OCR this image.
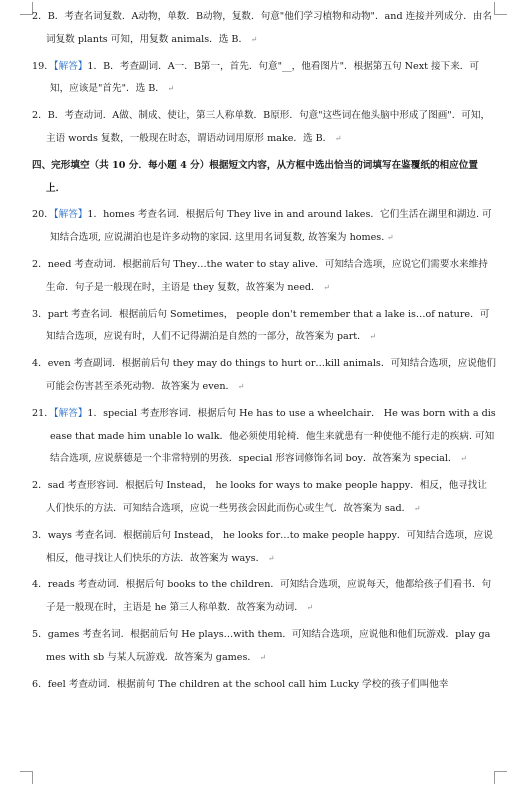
2．B．考查名词复数．A动物，单数．B动物，复数．句意"他们学习植物和动物"．and 连接并列成分．由名词复数 plants 可知，用复数 animals．选 B． ↵

19．【解答】1．B．考查副词．A一．B第一，首先．句意"__，他看图片"．根据第五句 Next 接下来．可知，应该是"首先"．选 B． ↵

2．B．考查动词．A做、制成、使让，第三人称单数．B原形．句意"这些词在他头脑中形成了图画"．可知，主语 words 复数，一般现在时态，谓语动词用原形 make．选 B． ↵

四、完形填空（共 10 分．每小题 4 分）根据短文内容，从方框中选出恰当的词填写在鉴覆纸的相应位置上．

20．【解答】1．homes 考查名词．根据后句 They live in and around lakes．它们生活在湖里和湖边. 可知结合选项, 应说湖泊也是许多动物的家园. 这里用名词复数, 故答案为 homes. ↵

2．need 考查动词．根据前后句 They…the water to stay alive．可知结合选项，应说它们需要水来维持生命．句子是一般现在时，主语是 they 复数，故答案为 need． ↵

3．part 考查名词．根据前后句 Sometimes， people don't remember that a lake is…of nature．可知结合选项，应说有时，人们不记得湖泊是自然的一部分，故答案为 part． ↵

4．even 考查副词．根据前后句 they may do things to hurt or…kill animals．可知结合选项，应说他们可能会伤害甚至杀死动物．故答案为 even． ↵

21．【解答】1．special 考查形容词．根据后句 He has to use a wheelchair． He was born with a disease that made him unable lo walk．他必须使用轮椅．他生来就患有一种使他不能行走的疾病. 可知结合选项, 应说蔡德是一个非常特别的男孩．special 形容词修饰名词 boy．故答案为 special． ↵

2．sad 考查形容词．根据后句 Instead， he looks for ways to make people happy．相反，他寻找让人们快乐的方法．可知结合选项，应说一些男孩会因此而伤心或生气．故答案为 sad． ↵

3．ways 考查名词．根据前后句 Instead， he looks for…to make people happy．可知结合选项，应说相反，他寻找让人们快乐的方法．故答案为 ways． ↵

4．reads 考查动词．根据后句 books to the children．可知结合选项，应说每天，他都给孩子们看书．句子是一般现在时，主语是 he 第三人称单数．故答案为动词． ↵

5．games 考查名词．根据前后句 He plays…with them．可知结合选项，应说他和他们玩游戏．play games with sb 与某人玩游戏．故答案为 games． ↵

6．feel 考查动词．根据前句 The children at the school call him Lucky 学校的孩子们叫他幸
